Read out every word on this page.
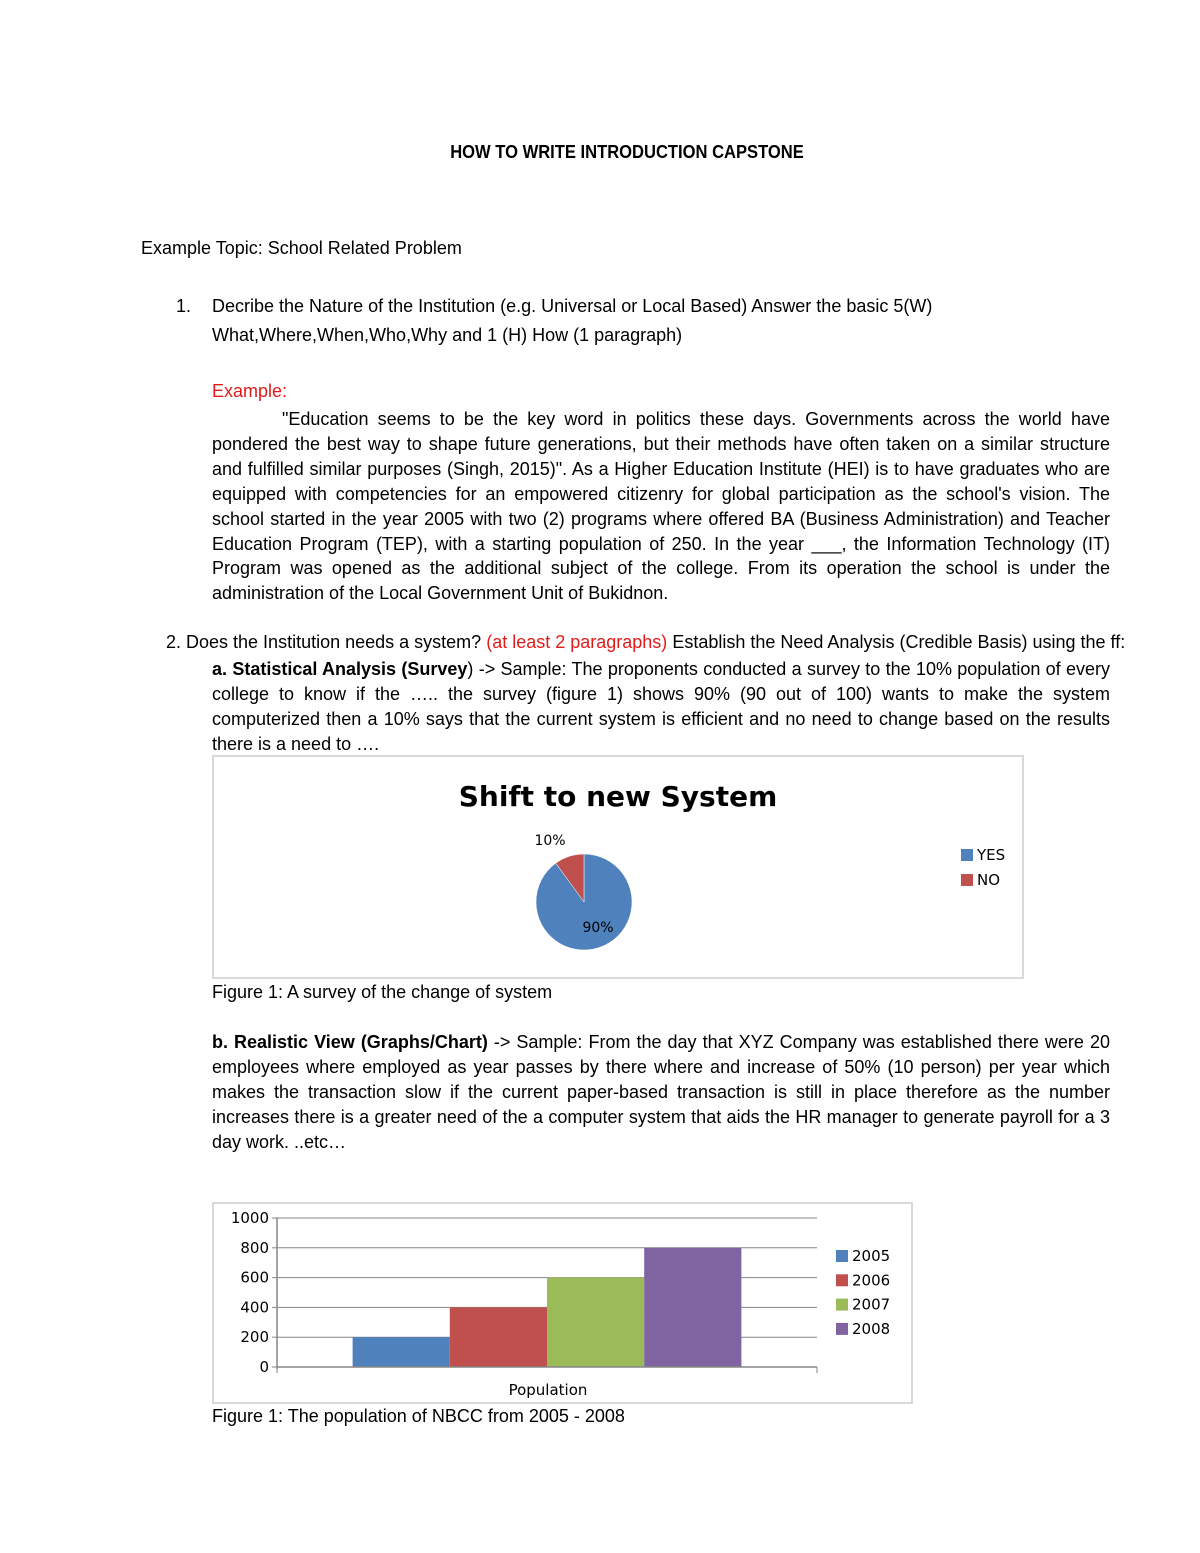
HOW TO WRITE INTRODUCTION CAPSTONE
Example Topic: School Related Problem
1. Decribe the Nature of the Institution (e.g. Universal or Local Based) Answer the basic 5(W)
What,Where,When,Who,Why and 1 (H) How (1 paragraph)
Example:
"Education seems to be the key word in politics these days. Governments across the world have pondered the best way to shape future generations, but their methods have often taken on a similar structure and fulfilled similar purposes (Singh, 2015)". As a Higher Education Institute (HEI) is to have graduates who are equipped with competencies for an empowered citizenry for global participation as the school's vision. The school started in the year 2005 with two (2) programs where offered BA (Business Administration) and Teacher Education Program (TEP), with a starting population of 250. In the year ___, the Information Technology (IT) Program was opened as the additional subject of the college. From its operation the school is under the administration of the Local Government Unit of Bukidnon.
2. Does the Institution needs a system? (at least 2 paragraphs) Establish the Need Analysis (Credible Basis) using the ff:
a. Statistical Analysis (Survey) -> Sample: The proponents conducted a survey to the 10% population of every college to know if the ….. the survey (figure 1) shows 90% (90 out of 100) wants to make the system computerized then a 10% says that the current system is efficient and no need to change based on the results there is a need to ….
Shift to new System
90%
10%
YES
NO
Figure 1: A survey of the change of system
b. Realistic View (Graphs/Chart) -> Sample: From the day that XYZ Company was established there were 20 employees where employed as year passes by there where and increase of 50% (10 person) per year which makes the transaction slow if the current paper-based transaction is still in place therefore as the number increases there is a greater need of the a computer system that aids the HR manager to generate payroll for a 3 day work. ..etc…
0
200
400
600
800
1000
Population
2005
2006
2007
2008
Figure 1: The population of NBCC from 2005 - 2008
